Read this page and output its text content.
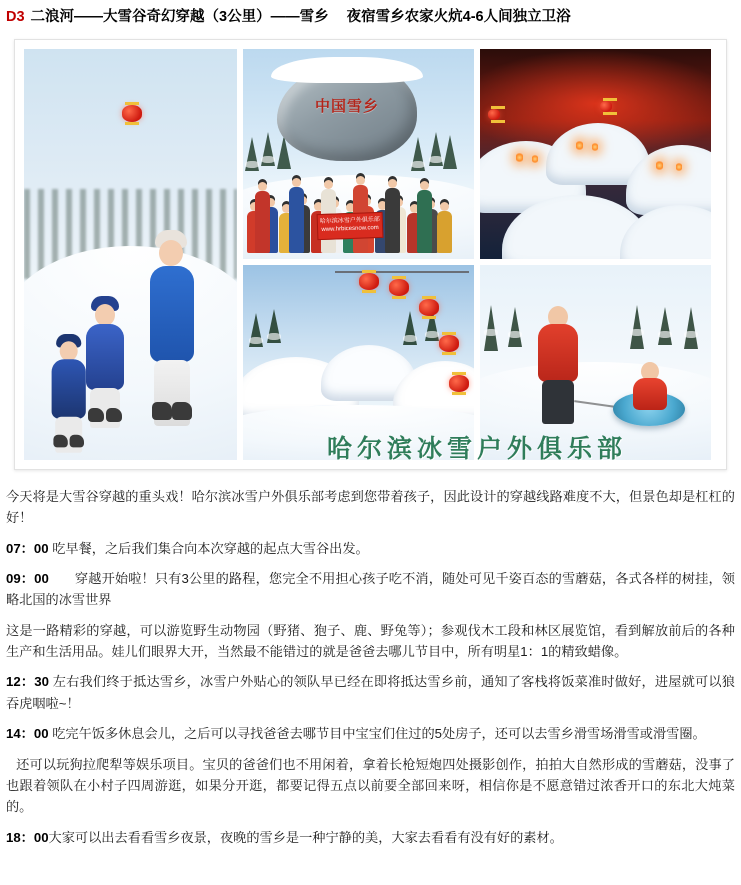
D3 二浪河——大雪谷奇幻穿越（3公里）——雪乡 夜宿雪乡农家火炕4-6人间独立卫浴
中国雪乡
哈尔滨冰雪户外俱乐部 www.hrbicesnow.com
哈尔滨冰雪户外俱乐部

今天将是大雪谷穿越的重头戏！哈尔滨冰雪户外俱乐部考虑到您带着孩子，因此设计的穿越线路难度不大，但景色却是杠杠的好！

07：00 吃早餐，之后我们集合向本次穿越的起点大雪谷出发。

09：00 穿越开始啦！只有3公里的路程，您完全不用担心孩子吃不消，随处可见千姿百态的雪蘑菇，各式各样的树挂，领略北国的冰雪世界

这是一路精彩的穿越，可以游览野生动物园（野猪、狍子、鹿、野兔等）；参观伐木工段和林区展览馆，看到解放前后的各种生产和生活用品。娃儿们眼界大开，当然最不能错过的就是爸爸去哪儿节目中，所有明星1：1的精致蜡像。

12：30 左右我们终于抵达雪乡，冰雪户外贴心的领队早已经在即将抵达雪乡前，通知了客栈将饭菜准时做好，进屋就可以狼吞虎咽啦~！

14：00 吃完午饭多休息会儿，之后可以寻找爸爸去哪节目中宝宝们住过的5处房子，还可以去雪乡滑雪场滑雪或滑雪圈。

还可以玩狗拉爬犁等娱乐项目。宝贝的爸爸们也不用闲着，拿着长枪短炮四处摄影创作，拍拍大自然形成的雪蘑菇，没事了也跟着领队在小村子四周游逛，如果分开逛，都要记得五点以前要全部回来呀，相信你是不愿意错过浓香开口的东北大炖菜的。

18：00大家可以出去看看雪乡夜景，夜晚的雪乡是一种宁静的美，大家去看看有没有好的素材。
